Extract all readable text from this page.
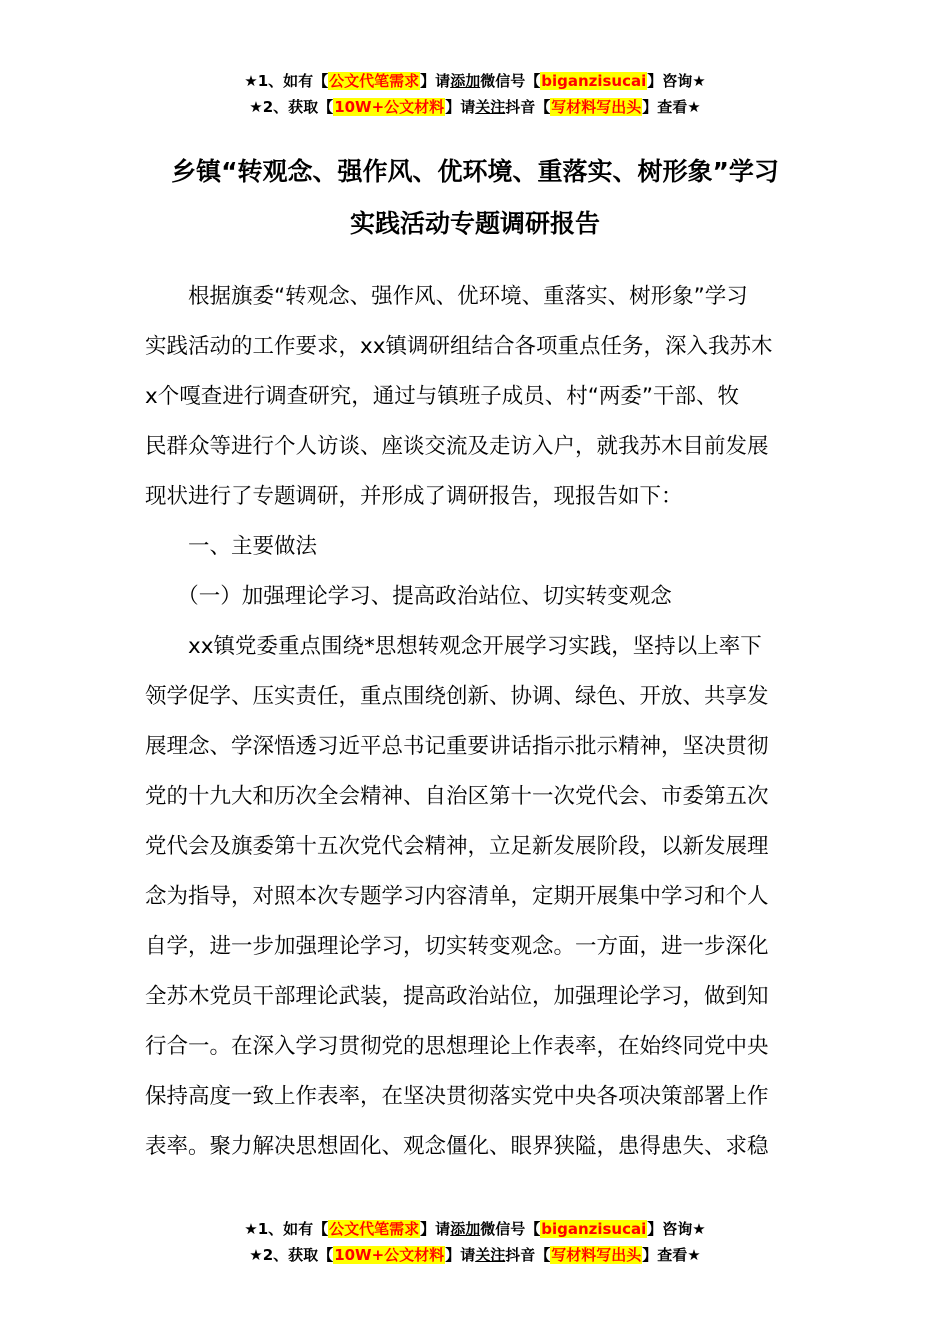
★1、如有【公文代笔需求】请添加微信号【biganzisucai】咨询★
★2、获取【10W+公文材料】请关注抖音【写材料写出头】查看★
乡镇“转观念、强作风、优环境、重落实、树形象”学习
实践活动专题调研报告
　　根据旗委“转观念、强作风、优环境、重落实、树形象”学习
实践活动的工作要求，xx镇调研组结合各项重点任务，深入我苏木
x个嘎查进行调查研究，通过与镇班子成员、村“两委”干部、牧
民群众等进行个人访谈、座谈交流及走访入户，就我苏木目前发展
现状进行了专题调研，并形成了调研报告，现报告如下：
　　一、主要做法
　　（一）加强理论学习、提高政治站位、切实转变观念
　　xx镇党委重点围绕*思想转观念开展学习实践，坚持以上率下
领学促学、压实责任，重点围绕创新、协调、绿色、开放、共享发
展理念、学深悟透习近平总书记重要讲话指示批示精神，坚决贯彻
党的十九大和历次全会精神、自治区第十一次党代会、市委第五次
党代会及旗委第十五次党代会精神，立足新发展阶段，以新发展理
念为指导，对照本次专题学习内容清单，定期开展集中学习和个人
自学，进一步加强理论学习，切实转变观念。一方面，进一步深化
全苏木党员干部理论武装，提高政治站位，加强理论学习，做到知
行合一。在深入学习贯彻党的思想理论上作表率，在始终同党中央
保持高度一致上作表率，在坚决贯彻落实党中央各项决策部署上作
表率。聚力解决思想固化、观念僵化、眼界狭隘，患得患失、求稳
★1、如有【公文代笔需求】请添加微信号【biganzisucai】咨询★
★2、获取【10W+公文材料】请关注抖音【写材料写出头】查看★
